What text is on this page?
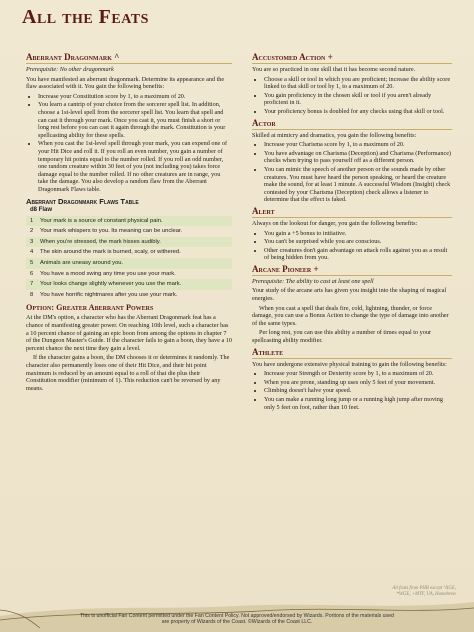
All the Feats
Aberrant Dragonmark ^

Prerequisite: No other dragonmark

You have manifested an aberrant dragonmark. Determine its appearance and the flaw associated with it. You gain the following benefits:

• Increase your Constitution score by 1, to a maximum of 20.
• You learn a cantrip of your choice from the sorcerer spell list. In addition, choose a 1st-level spell from the sorcerer spell list. You learn that spell and can cast it through your mark. Once you cast it, you must finish a short or long rest before you can cast it again through the mark. Constitution is your spellcasting ability for these spells.
• When you cast the 1st-level spell through your mark, you can expend one of your Hit Dice and roll it. If you roll an even number, you gain a number of temporary hit points equal to the number rolled. If you roll an odd number, one random creature within 30 feet of you (not including you) takes force damage equal to the number rolled. If no other creatures are in range, you take the damage. You also develop a random flaw from the Aberrant Dragonmark Flaws table.
Aberrant Dragonmark Flaws Table
d8 Flaw
1	Your mark is a source of constant physical pain.
2	Your mark whispers to you. Its meaning can be unclear.
3	When you're stressed, the mark hisses audibly.
4	The skin around the mark is burned, scaly, or withered.
5	Animals are uneasy around you.
6	You have a mood swing any time you use your mark.
7	Your looks change slightly whenever you use the mark.
8	You have horrific nightmares after you use your mark.
Option: Greater Aberrant Powers

At the DM's option, a character who has the Aberrant Dragonmark feat has a chance of manifesting greater power. On reaching 10th level, such a character has a 10 percent chance of gaining an epic boon from among the options in chapter 7 of the Dungeon Master's Guide. If the character fails to gain a boon, they have a 10 percent chance the next time they gain a level.

If the character gains a boon, the DM chooses it or determines it randomly. The character also permanently loses one of their Hit Dice, and their hit point maximum is reduced by an amount equal to a roll of that die plus their Constitution modifier (minimum of 1). This reduction can't be reversed by any means.

Accustomed Action +

You are so practiced in one skill that it has become second nature.

• Choose a skill or tool in which you are proficient; increase the ability score linked to that skill or tool by 1, to a maximum of 20.
• You gain proficiency in the chosen skill or tool if you aren't already proficient in it.
• Your proficiency bonus is doubled for any checks using that skill or tool.
Actor

Skilled at mimicry and dramatics, you gain the following benefits:

• Increase your Charisma score by 1, to a maximum of 20.
• You have advantage on Charisma (Deception) and Charisma (Performance) checks when trying to pass yourself off as a different person.
• You can mimic the speech of another person or the sounds made by other creatures. You must have heard the person speaking, or heard the creature make the sound, for at least 1 minute. A successful Wisdom (Insight) check contested by your Charisma (Deception) check allows a listener to determine that the effect is faked.
Alert

Always on the lookout for danger, you gain the following benefits:

• You gain a +5 bonus to initiative.
• You can't be surprised while you are conscious.
• Other creatures don't gain advantage on attack rolls against you as a result of being hidden from you.
Arcane Pioneer +

Prerequisite: The ability to cast at least one spell

Your study of the arcane arts has given you insight into the shaping of magical energies.

When you cast a spell that deals fire, cold, lightning, thunder, or force damage, you can use a Bonus Action to change the type of damage into another of the same types.

Per long rest, you can use this ability a number of times equal to your spellcasting ability modifier.

Athlete

You have undergone extensive physical training to gain the following benefits:

• Increase your Strength or Dexterity score by 1, to a maximum of 20.
• When you are prone, standing up uses only 5 feet of your movement.
• Climbing doesn't halve your speed.
• You can make a running long jump or a running high jump after moving only 5 feet on foot, rather than 10 feet.
All feats from PHB except ^XGE,
*WGE, +MTF, UA, Homebrew
This is unofficial Fan Content permitted under the Fan Content Policy. Not approved/endorsed by Wizards. Portions of the materials used
are property of Wizards of the Coast. ©Wizards of the Coast LLC.
